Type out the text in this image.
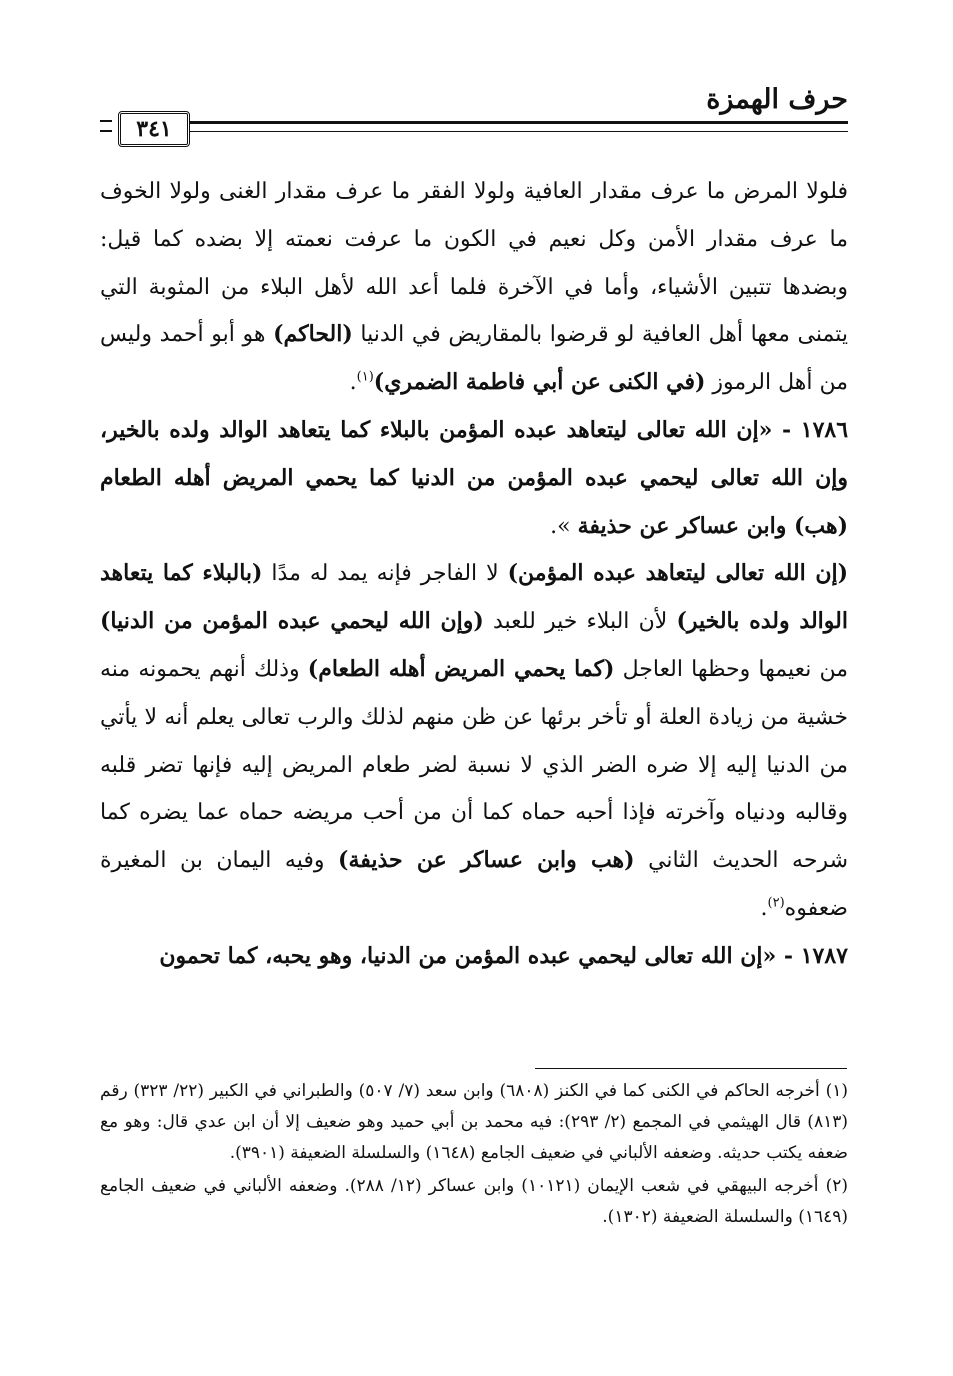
حرف الهمزة
٣٤١

فلولا المرض ما عرف مقدار العافية ولولا الفقر ما عرف مقدار الغنى ولولا الخوف ما عرف مقدار الأمن وكل نعيم في الكون ما عرفت نعمته إلا بضده كما قيل: وبضدها تتبين الأشياء، وأما في الآخرة فلما أعد الله لأهل البلاء من المثوبة التي يتمنى معها أهل العافية لو قرضوا بالمقاريض في الدنيا (الحاكم) هو أبو أحمد وليس من أهل الرموز (في الكنى عن أبي فاطمة الضمري)$^{(١)}$.

١٧٨٦ - «إن الله تعالى ليتعاهد عبده المؤمن بالبلاء كما يتعاهد الوالد ولده بالخير، وإن الله تعالى ليحمي عبده المؤمن من الدنيا كما يحمي المريض أهله الطعام (هب) وابن عساكر عن حذيفة ».

(إن الله تعالى ليتعاهد عبده المؤمن) لا الفاجر فإنه يمد له مدًا (بالبلاء كما يتعاهد الوالد ولده بالخير) لأن البلاء خير للعبد (وإن الله ليحمي عبده المؤمن من الدنيا) من نعيمها وحظها العاجل (كما يحمي المريض أهله الطعام) وذلك أنهم يحمونه منه خشية من زيادة العلة أو تأخر برئها عن ظن منهم لذلك والرب تعالى يعلم أنه لا يأتي من الدنيا إليه إلا ضره الضر الذي لا نسبة لضر طعام المريض إليه فإنها تضر قلبه وقالبه ودنياه وآخرته فإذا أحبه حماه كما أن من أحب مريضه حماه عما يضره كما شرحه الحديث الثاني (هب وابن عساكر عن حذيفة) وفيه اليمان بن المغيرة ضعفوه$^{(٢)}$.

١٧٨٧ - «إن الله تعالى ليحمي عبده المؤمن من الدنيا، وهو يحبه، كما تحمون

(١) أخرجه الحاكم في الكنى كما في الكنز (٦٨٠٨) وابن سعد (٧/ ٥٠٧) والطبراني في الكبير (٢٢/ ٣٢٣) رقم (٨١٣) قال الهيثمي في المجمع (٢/ ٢٩٣): فيه محمد بن أبي حميد وهو ضعيف إلا أن ابن عدي قال: وهو مع ضعفه يكتب حديثه. وضعفه الألباني في ضعيف الجامع (١٦٤٨) والسلسلة الضعيفة (٣٩٠١).

(٢) أخرجه البيهقي في شعب الإيمان (١٠١٢١) وابن عساكر (١٢/ ٢٨٨). وضعفه الألباني في ضعيف الجامع (١٦٤٩) والسلسلة الضعيفة (١٣٠٢).
